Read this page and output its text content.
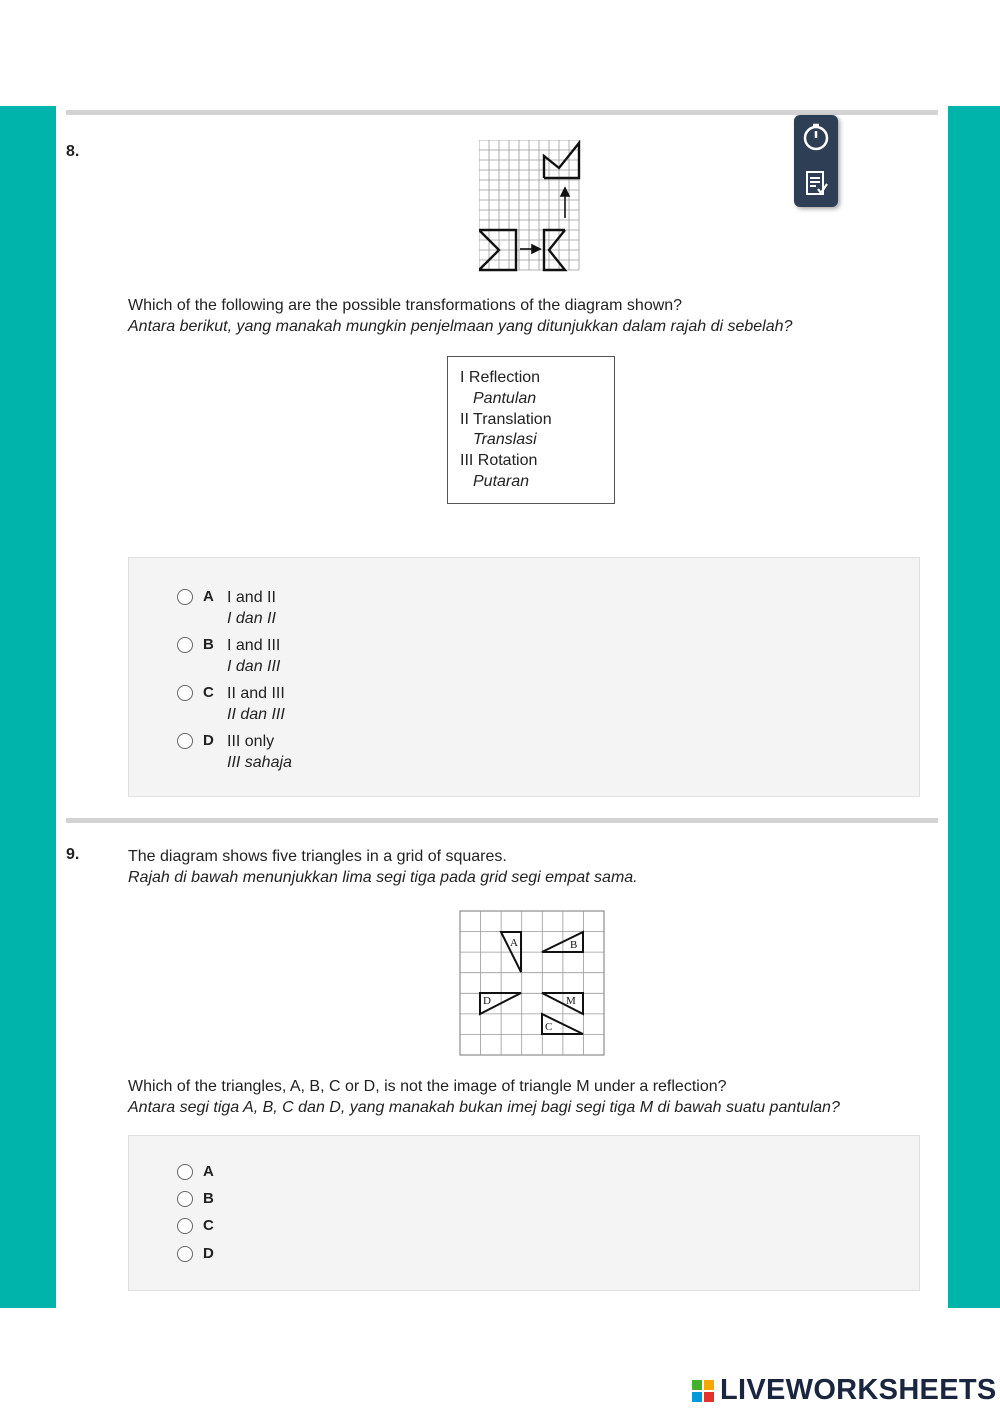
8.
Which of the following are the possible transformations of the diagram shown?
Antara berikut, yang manakah mungkin penjelmaan yang ditunjukkan dalam rajah di sebelah?
I Reflection
Pantulan
II Translation
Translasi
III Rotation
Putaran
A I and II
I dan II
B I and III
I dan III
C II and III
II dan III
D III only
III sahaja
9.	The diagram shows five triangles in a grid of squares.
Rajah di bawah menunjukkan lima segi tiga pada grid segi empat sama.
A	B
C
D	M
Which of the triangles, A, B, C or D, is not the image of triangle M under a reflection?
Antara segi tiga A, B, C dan D, yang manakah bukan imej bagi segi tiga M di bawah suatu pantulan?
A
B
C
D
LIVEWORKSHEETS
